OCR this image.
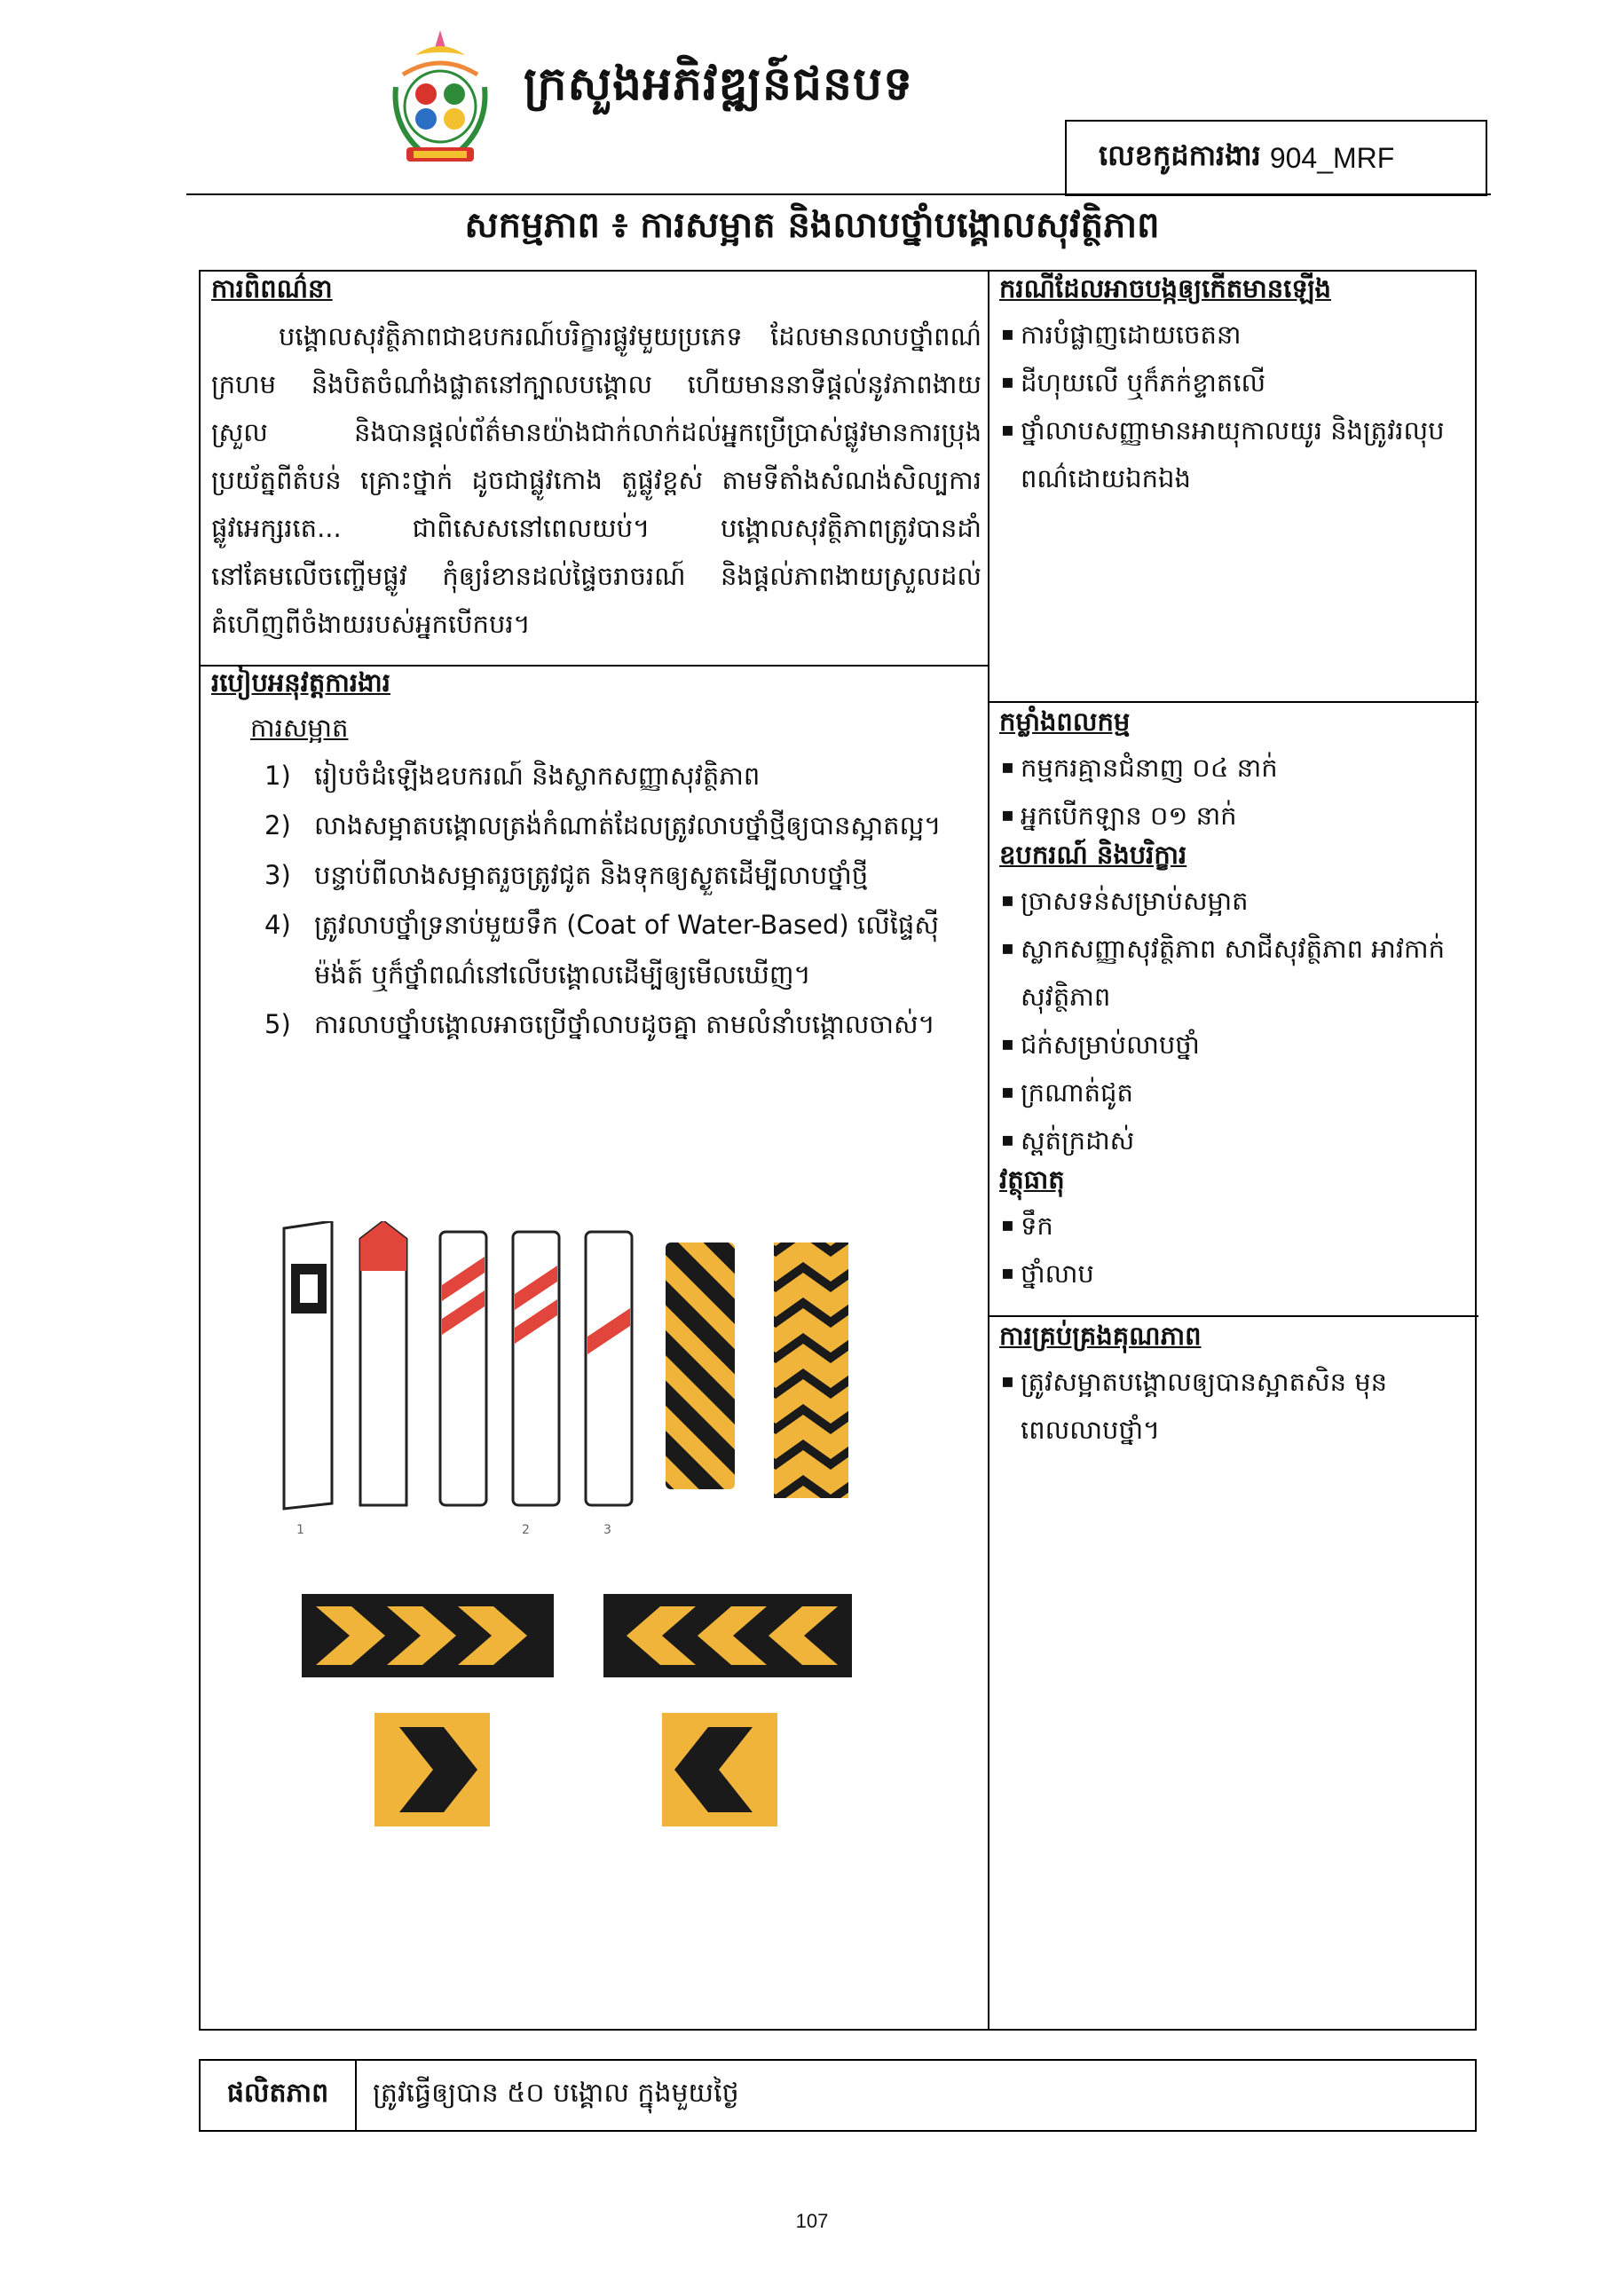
ក្រសួងអភិវឌ្ឍន៍ជនបទ
លេខកូដការងារ 904_MRF
សកម្មភាព ៖ ការសម្អាត និងលាបថ្នាំបង្គោលសុវត្ថិភាព
ការពិពណ៌នា

បង្គោលសុវត្ថិភាពជាឧបករណ៍បរិក្ខារផ្លូវមួយប្រភេទ ដែលមានលាបថ្នាំពណ៌ក្រហម និងបិតចំណាំងផ្លាតនៅក្បាលបង្គោល ហើយមាននាទីផ្ដល់នូវភាពងាយស្រួល និងបានផ្ដល់ព័ត៌មានយ៉ាងជាក់លាក់ដល់អ្នកប្រើប្រាស់ផ្លូវមានការប្រុងប្រយ័ត្នពីតំបន់ គ្រោះថ្នាក់ ដូចជាផ្លូវកោង តួផ្លូវខ្ពស់ តាមទីតាំងសំណង់សិល្បការផ្លូវអេក្សរតេ... ជាពិសេសនៅពេលយប់។ បង្គោលសុវត្ថិភាពត្រូវបានដាំនៅគែមលើចញ្ចើមផ្លូវ កុំឲ្យរំខានដល់ផ្ទៃចរាចរណ៍ និងផ្ដល់ភាពងាយស្រួលដល់គំហើញពីចំងាយរបស់អ្នកបើកបរ។

របៀបអនុវត្តការងារ
ការសម្អាត
1) រៀបចំដំឡើងឧបករណ៍ និងស្លាកសញ្ញាសុវត្ថិភាព
2) លាងសម្អាតបង្គោលត្រង់កំណាត់ដែលត្រូវលាបថ្នាំថ្មីឲ្យបានស្អាតល្អ។
3) បន្ទាប់ពីលាងសម្អាតរួចត្រូវជូត និងទុកឲ្យស្ងួតដើម្បីលាបថ្នាំថ្មី
4) ត្រូវលាបថ្នាំទ្រនាប់មួយទឹក (Coat of Water-Based) លើផ្ទៃស៊ីម៉ង់ត៍ ឬក៏ថ្នាំពណ៌នៅលើបង្គោលដើម្បីឲ្យមើលឃើញ។
5) ការលាបថ្នាំបង្គោលអាចប្រើថ្នាំលាបដូចគ្នា តាមលំនាំបង្គោលចាស់។
1	2	3
ករណីដែលអាចបង្កឲ្យកើតមានឡើង
▪ ការបំផ្លាញដោយចេតនា
▪ ដីហុយលើ ឬក៏ភក់ខ្ទាតលើ
▪ ថ្នាំលាបសញ្ញាមានអាយុកាលយូរ និងត្រូវរលុបពណ៌ដោយឯកឯង
កម្លាំងពលកម្ម
▪ កម្មករគ្មានជំនាញ ០៤ នាក់
▪ អ្នកបើកឡាន ០១ នាក់
ឧបករណ៍ និងបរិក្ខារ
▪ ច្រាសទន់សម្រាប់សម្អាត
▪ ស្លាកសញ្ញាសុវត្ថិភាព សាជីសុវត្ថិភាព អាវកាក់សុវត្ថិភាព
▪ ជក់សម្រាប់លាបថ្នាំ
▪ ក្រណាត់ជូត
▪ ស្ពត់ក្រដាស់
វត្ថុធាតុ
▪ ទឹក
▪ ថ្នាំលាប
ការគ្រប់គ្រងគុណភាព
▪ ត្រូវសម្អាតបង្គោលឲ្យបានស្អាតសិន មុនពេលលាបថ្នាំ។
ផលិតភាព	ត្រូវធ្វើឲ្យបាន ៥០ បង្គោល ក្នុងមួយថ្ងៃ
107
